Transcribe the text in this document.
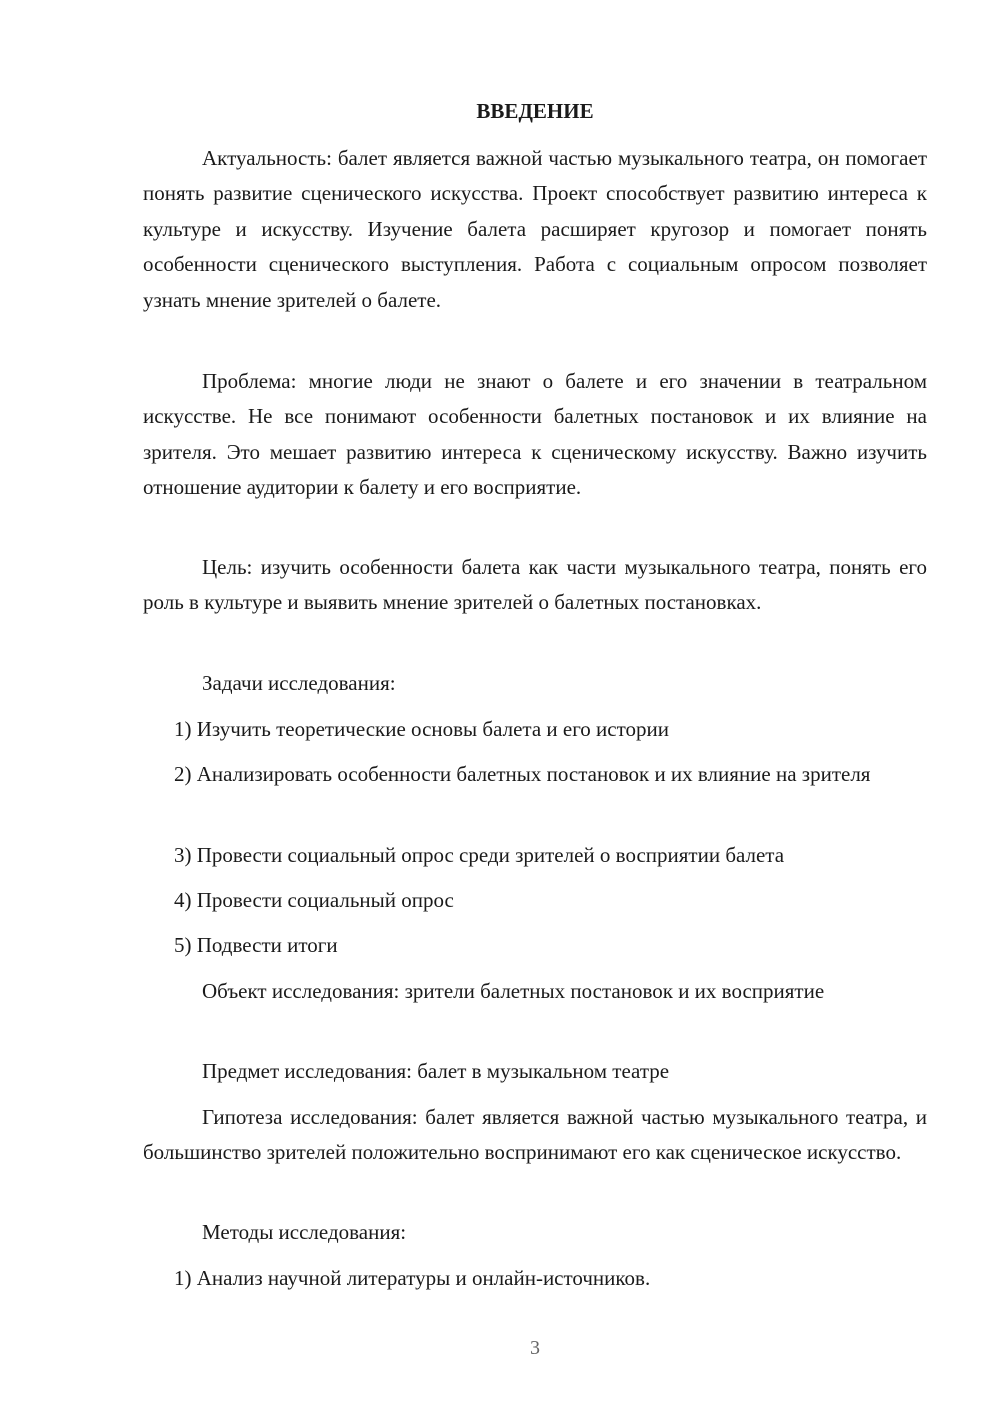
ВВЕДЕНИЕ

Актуальность: балет является важной частью музыкального театра, он помогает понять развитие сценического искусства. Проект способствует развитию интереса к культуре и искусству. Изучение балета расширяет кругозор и помогает понять особенности сценического выступления. Работа с социальным опросом позволяет узнать мнение зрителей о балете.

Проблема: многие люди не знают о балете и его значении в театральном искусстве. Не все понимают особенности балетных постановок и их влияние на зрителя. Это мешает развитию интереса к сценическому искусству. Важно изучить отношение аудитории к балету и его восприятие.

Цель: изучить особенности балета как части музыкального театра, понять его роль в культуре и выявить мнение зрителей о балетных постановках.

Задачи исследования:

1) Изучить теоретические основы балета и его истории

2) Анализировать особенности балетных постановок и их влияние на зрителя

3) Провести социальный опрос среди зрителей о восприятии балета

4) Провести социальный опрос

5) Подвести итоги

Объект исследования: зрители балетных постановок и их восприятие

Предмет исследования: балет в музыкальном театре

Гипотеза исследования: балет является важной частью музыкального театра, и большинство зрителей положительно воспринимают его как сценическое искусство.

Методы исследования:

1) Анализ научной литературы и онлайн-источников.

3
